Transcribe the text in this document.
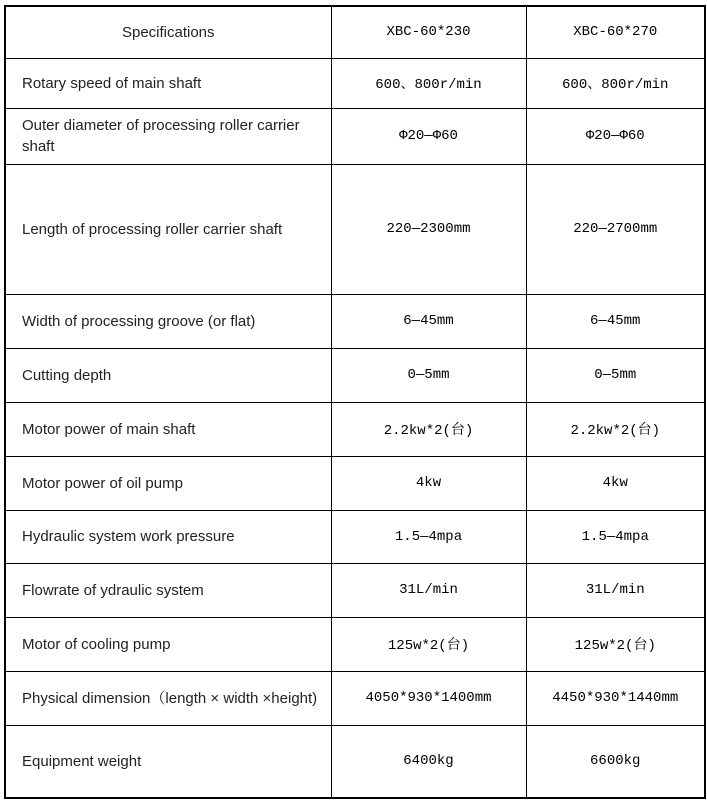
Specifications	XBC-60*230	XBC-60*270
Rotary speed of main shaft	600、800r/min	600、800r/min
Outer diameter of processing roller carrier shaft	Φ20—Φ60	Φ20—Φ60
Length of processing roller carrier shaft	220—2300mm	220—2700mm
Width of processing groove (or flat)	6—45mm	6—45mm
Cutting depth	0—5mm	0—5mm
Motor power of main shaft	2.2kw*2(台)	2.2kw*2(台)
Motor power of oil pump	4kw	4kw
Hydraulic system work pressure	1.5—4mpa	1.5—4mpa
Flowrate of ydraulic system	31L/min	31L/min
Motor of cooling pump	125w*2(台)	125w*2(台)
Physical dimension（length × width ×height)	4050*930*1400mm	4450*930*1440mm
Equipment weight	6400kg	6600kg
